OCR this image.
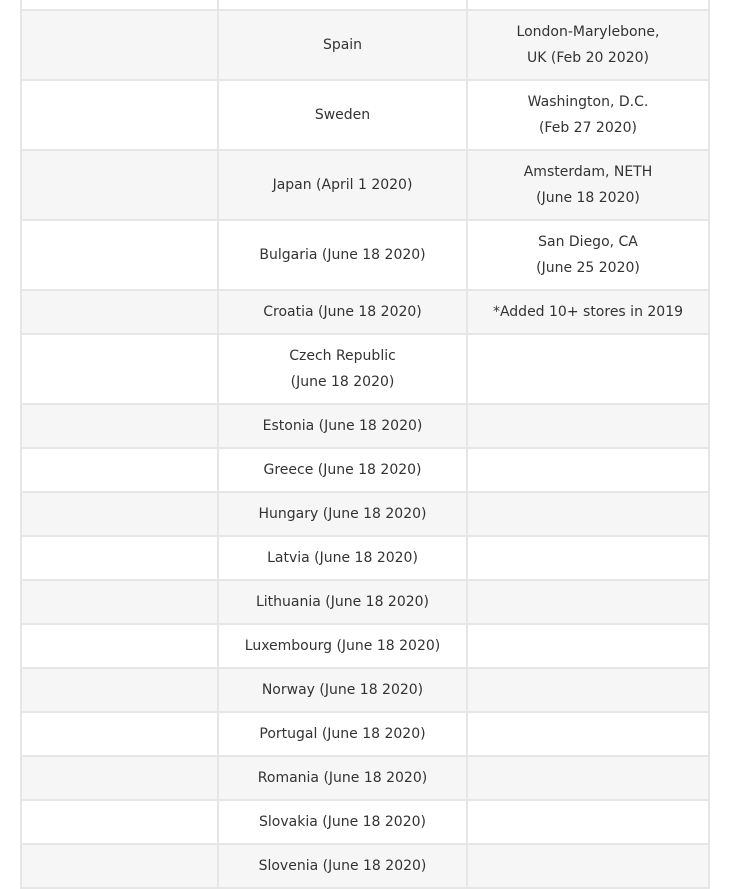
	Spain	London-Marylebone,
UK (Feb 20 2020)

	Sweden	Washington, D.C.
(Feb 27 2020)

	Japan (April 1 2020)	Amsterdam, NETH
(June 18 2020)

	Bulgaria (June 18 2020)	San Diego, CA
(June 25 2020)

	Croatia (June 18 2020)	*Added 10+ stores in 2019

	Czech Republic
(June 18 2020)	

	Estonia (June 18 2020)	

	Greece (June 18 2020)	

	Hungary (June 18 2020)	

	Latvia (June 18 2020)	

	Lithuania (June 18 2020)	

	Luxembourg (June 18 2020)	

	Norway (June 18 2020)	

	Portugal (June 18 2020)	

	Romania (June 18 2020)	

	Slovakia (June 18 2020)	

	Slovenia (June 18 2020)	
